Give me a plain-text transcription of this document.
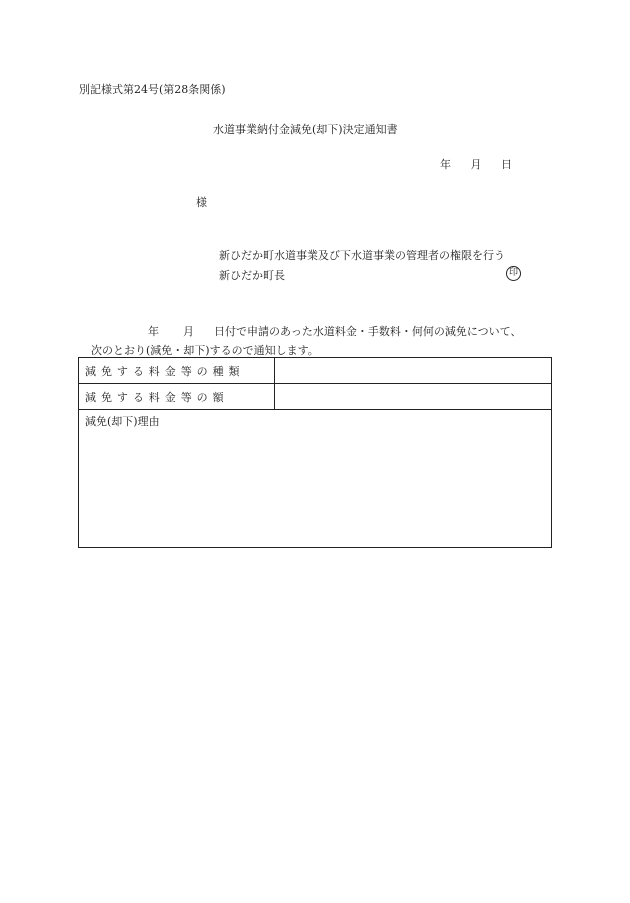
別記様式第24号(第28条関係)
水道事業納付金減免(却下)決定通知書
年 月 日
様
新ひだか町水道事業及び下水道事業の管理者の権限を行う
新ひだか町長	印
年 月 日付で申請のあった水道料金・手数料・何何の減免について、
次のとおり(減免・却下)するので通知します。
減免する料金等の種類	
減免する料金等の額	
減免(却下)理由	
